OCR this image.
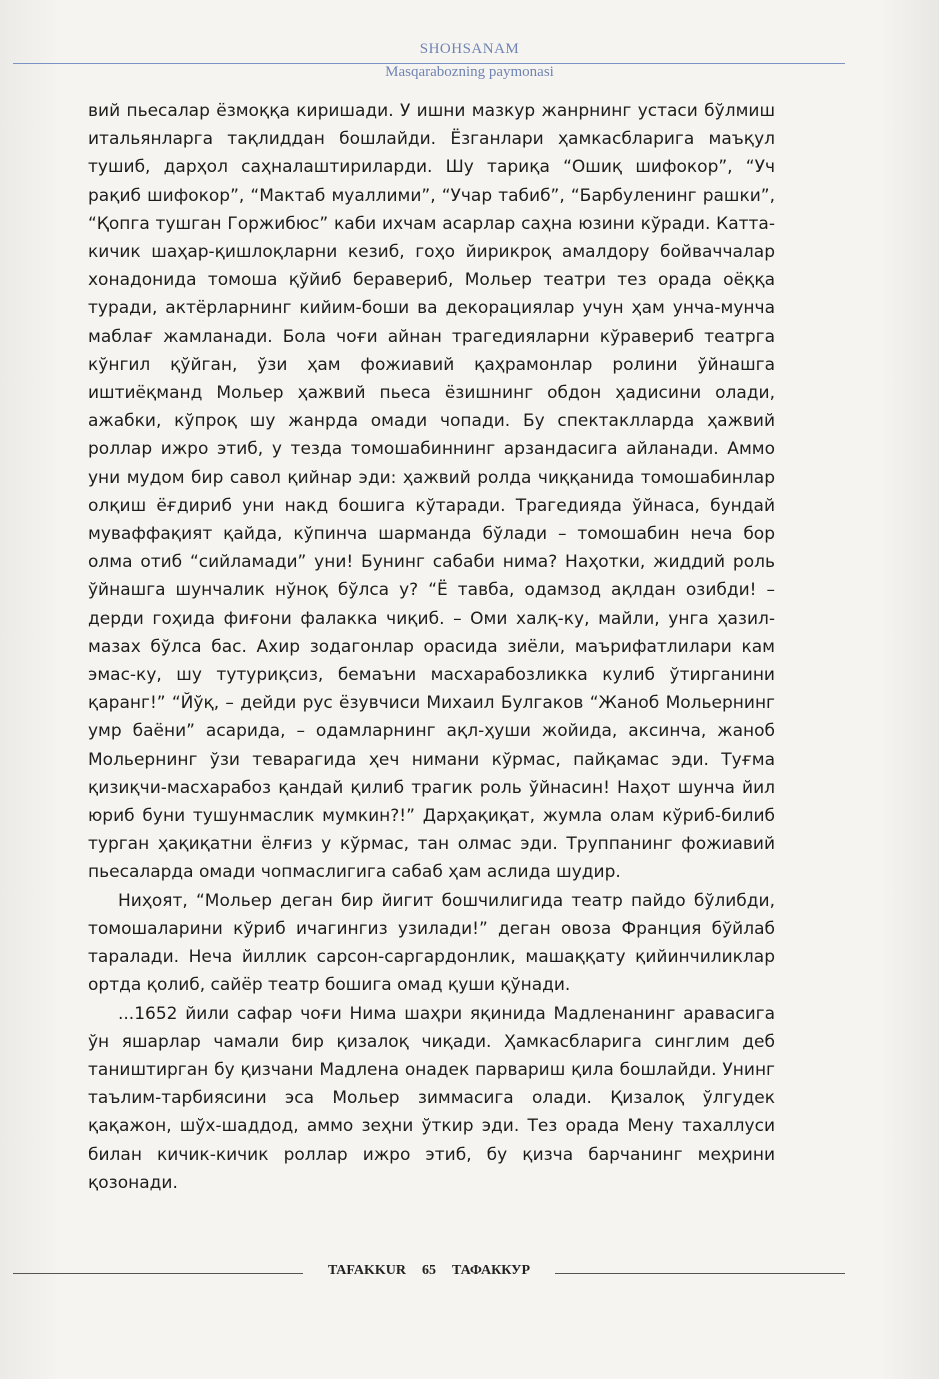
SHOHSANAM
Masqarabozning paymonasi

вий пьесалар ёзмоққа киришади. У ишни мазкур жанрнинг устаси бўлмиш итальянларга тақлиддан бошлайди. Ёзганлари ҳамкасбларига маъқул тушиб, дарҳол саҳналаштириларди. Шу тариқа “Ошиқ шифокор”, “Уч рақиб шифокор”, “Мактаб муаллими”, “Учар табиб”, “Барбуленинг рашки”, “Қопга тушган Горжибюс” каби ихчам асарлар саҳна юзини кўради. Катта-кичик шаҳар-қишлоқларни кезиб, гоҳо йирикроқ амалдору бойваччалар хонадонида томоша қўйиб беравериб, Мольер театри тез орада оёққа туради, актёрларнинг кийим-боши ва декорациялар учун ҳам унча-мунча маблағ жамланади. Бола чоғи айнан трагедияларни кўравериб театрга кўнгил қўйган, ўзи ҳам фожиавий қаҳрамонлар ролини ўйнашга иштиёқманд Мольер ҳажвий пьеса ёзишнинг обдон ҳадисини олади, ажабки, кўпроқ шу жанрда омади чопади. Бу спектаклларда ҳажвий роллар ижро этиб, у тезда томошабиннинг арзандасига айланади. Аммо уни мудом бир савол қийнар эди: ҳажвий ролда чиққанида томошабинлар олқиш ёғдириб уни накд бошига кўтаради. Трагедияда ўйнаса, бундай муваффақият қайда, кўпинча шарманда бўлади – томошабин неча бор олма отиб “сийламади” уни! Бунинг сабаби нима? Наҳотки, жиддий роль ўйнашга шунчалик нўноқ бўлса у? “Ё тавба, одамзод ақлдан озибди! – дерди гоҳида фиғони фалакка чиқиб. – Оми халқ-ку, майли, унга ҳазил-мазах бўлса бас. Ахир зодагонлар орасида зиёли, маърифатлилари кам эмас-ку, шу тутуриқсиз, бемаъни масхарабозликка кулиб ўтирганини қаранг!” “Йўқ, – дейди рус ёзувчиси Михаил Булгаков “Жаноб Мольернинг умр баёни” асарида, – одамларнинг ақл-ҳуши жойида, аксинча, жаноб Мольернинг ўзи теварагида ҳеч нимани кўрмас, пайқамас эди. Туғма қизиқчи-масхарабоз қандай қилиб трагик роль ўйнасин! Наҳот шунча йил юриб буни тушунмаслик мумкин?!” Дарҳақиқат, жумла олам кўриб-билиб турган ҳақиқатни ёлғиз у кўрмас, тан олмас эди. Труппанинг фожиавий пьесаларда омади чопмаслигига сабаб ҳам аслида шудир.

Ниҳоят, “Мольер деган бир йигит бошчилигида театр пайдо бўлибди, томошаларини кўриб ичагингиз узилади!” деган овоза Франция бўйлаб таралади. Неча йиллик сарсон-саргардонлик, машаққату қийинчиликлар ортда қолиб, сайёр театр бошига омад қуши қўнади.

...1652 йили сафар чоғи Нима шаҳри яқинида Мадленанинг аравасига ўн яшарлар чамали бир қизалоқ чиқади. Ҳамкасбларига синглим деб таништирган бу қизчани Мадлена онадек парвариш қила бошлайди. Унинг таълим-тарбиясини эса Мольер зиммасига олади. Қизалоқ ўлгудек қақажон, шўх-шаддод, аммо зеҳни ўткир эди. Тез орада Мену тахаллуси билан кичик-кичик роллар ижро этиб, бу қизча барчанинг меҳрини қозонади.

TAFAKKUR 65 ТАФАККУР
